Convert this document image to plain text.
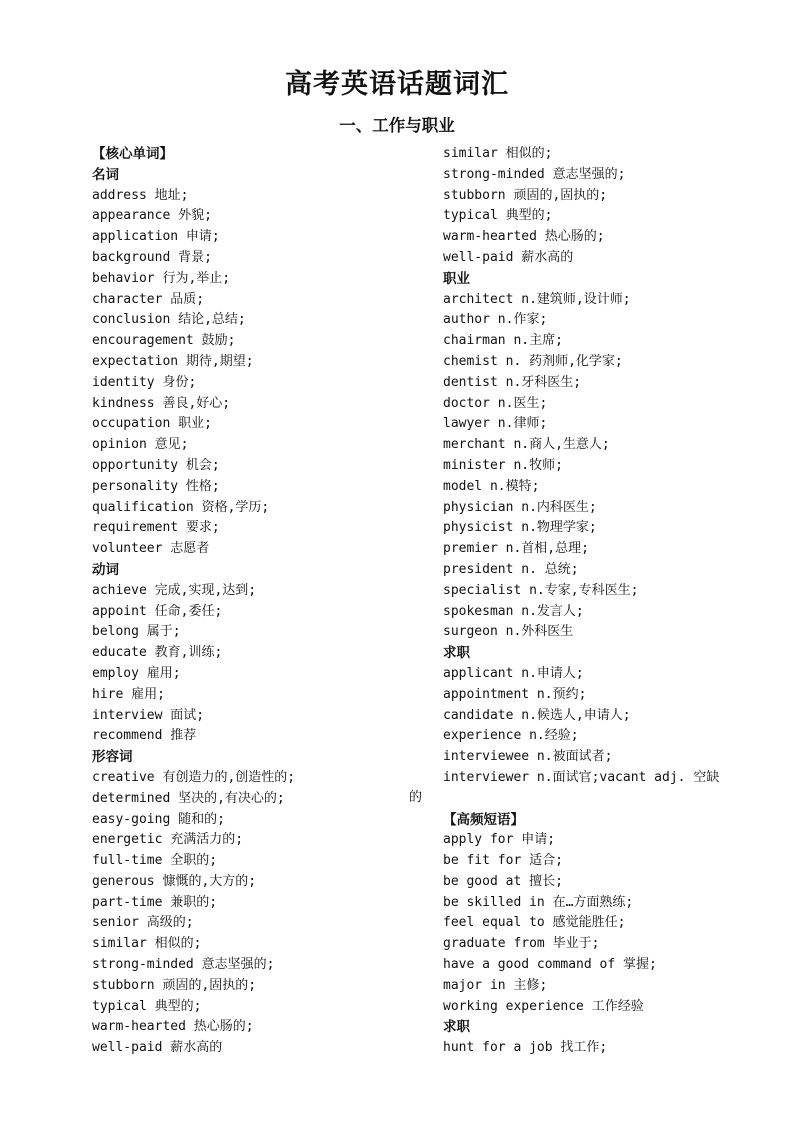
高考英语话题词汇
一、工作与职业
【核心单词】
名词
address 地址;
appearance 外貌;
application 申请;
background 背景;
behavior 行为,举止;
character 品质;
conclusion 结论,总结;
encouragement 鼓励;
expectation 期待,期望;
identity 身份;
kindness 善良,好心;
occupation 职业;
opinion 意见;
opportunity 机会;
personality 性格;
qualification 资格,学历;
requirement 要求;
volunteer 志愿者
动词
achieve 完成,实现,达到;
appoint 任命,委任;
belong 属于;
educate 教育,训练;
employ 雇用;
hire 雇用;
interview 面试;
recommend 推荐
形容词
creative 有创造力的,创造性的;
determined 坚决的,有决心的;
easy-going 随和的;
energetic 充满活力的;
full-time 全职的;
generous 慷慨的,大方的;
part-time 兼职的;
senior 高级的;
similar 相似的;
strong-minded 意志坚强的;
stubborn 顽固的,固执的;
typical 典型的;
warm-hearted 热心肠的;
well-paid 薪水高的
similar 相似的;
strong-minded 意志坚强的;
stubborn 顽固的,固执的;
typical 典型的;
warm-hearted 热心肠的;
well-paid 薪水高的
职业
architect n.建筑师,设计师;
author n.作家;
chairman n.主席;
chemist n. 药剂师,化学家;
dentist n.牙科医生;
doctor n.医生;
lawyer n.律师;
merchant n.商人,生意人;
minister n.牧师;
model n.模特;
physician n.内科医生;
physicist n.物理学家;
premier n.首相,总理;
president n. 总统;
specialist n.专家,专科医生;
spokesman n.发言人;
surgeon n.外科医生
求职
applicant n.申请人;
appointment n.预约;
candidate n.候选人,申请人;
experience n.经验;
interviewee n.被面试者;
interviewer n.面试官;vacant adj. 空缺
【高频短语】
apply for 申请;
be fit for 适合;
be good at 擅长;
be skilled in 在…方面熟练;
feel equal to 感觉能胜任;
graduate from 毕业于;
have a good command of 掌握;
major in 主修;
working experience 工作经验
求职
hunt for a job 找工作;
的
